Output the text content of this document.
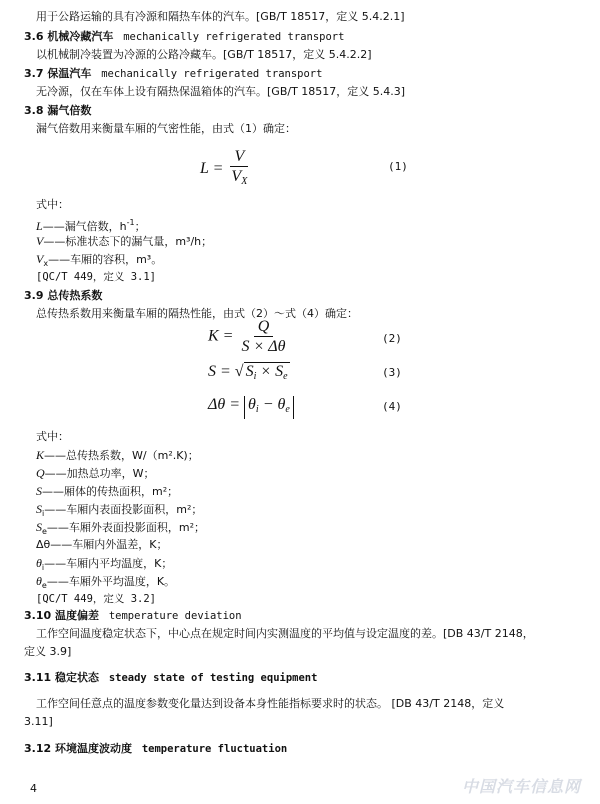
用于公路运输的具有冷源和隔热车体的汽车。[GB/T 18517，定义 5.4.2.1]
3.6 机械冷藏汽车 mechanically refrigerated transport
以机械制冷装置为冷源的公路冷藏车。[GB/T 18517，定义 5.4.2.2]
3.7 保温汽车 mechanically refrigerated transport
无冷源，仅在车体上设有隔热保温箱体的汽车。[GB/T 18517，定义 5.4.3]
3.8 漏气倍数
漏气倍数用来衡量车厢的气密性能，由式（1）确定：
$L = \frac{V}{V_X}$	(1)
式中：
L——漏气倍数，$h^{-1}$；
V——标准状态下的漏气量，m³/h；
$V_x——$车厢的容积，m³。
[QC/T 449，定义 3.1]
3.9 总传热系数
总传热系数用来衡量车厢的隔热性能，由式（2）～式（4）确定：
$K = \frac{Q}{S \times \Delta\theta}$	(2)
S = √ $S_i \times S_e$	(3)
$\Delta\theta = \theta_i - \theta_e$	(4)
式中：
K——总传热系数，W/（m².K)；
Q——加热总功率，W；
S——厢体的传热面积，m²；
$S_i——$车厢内表面投影面积，m²；
$S_e——$车厢外表面投影面积，m²；
Δθ——车厢内外温差，K；
$\theta_i——$车厢内平均温度，K；
$\theta_e——$车厢外平均温度，K。
[QC/T 449，定义 3.2]
3.10 温度偏差 temperature deviation
工作空间温度稳定状态下，中心点在规定时间内实测温度的平均值与设定温度的差。[DB 43/T 2148，
定义 3.9]
3.11 稳定状态 steady state of testing equipment
工作空间任意点的温度参数变化量达到设备本身性能指标要求时的状态。 [DB 43/T 2148，定义
3.11]
3.12 环境温度波动度 temperature fluctuation
4	中国汽车信息网
